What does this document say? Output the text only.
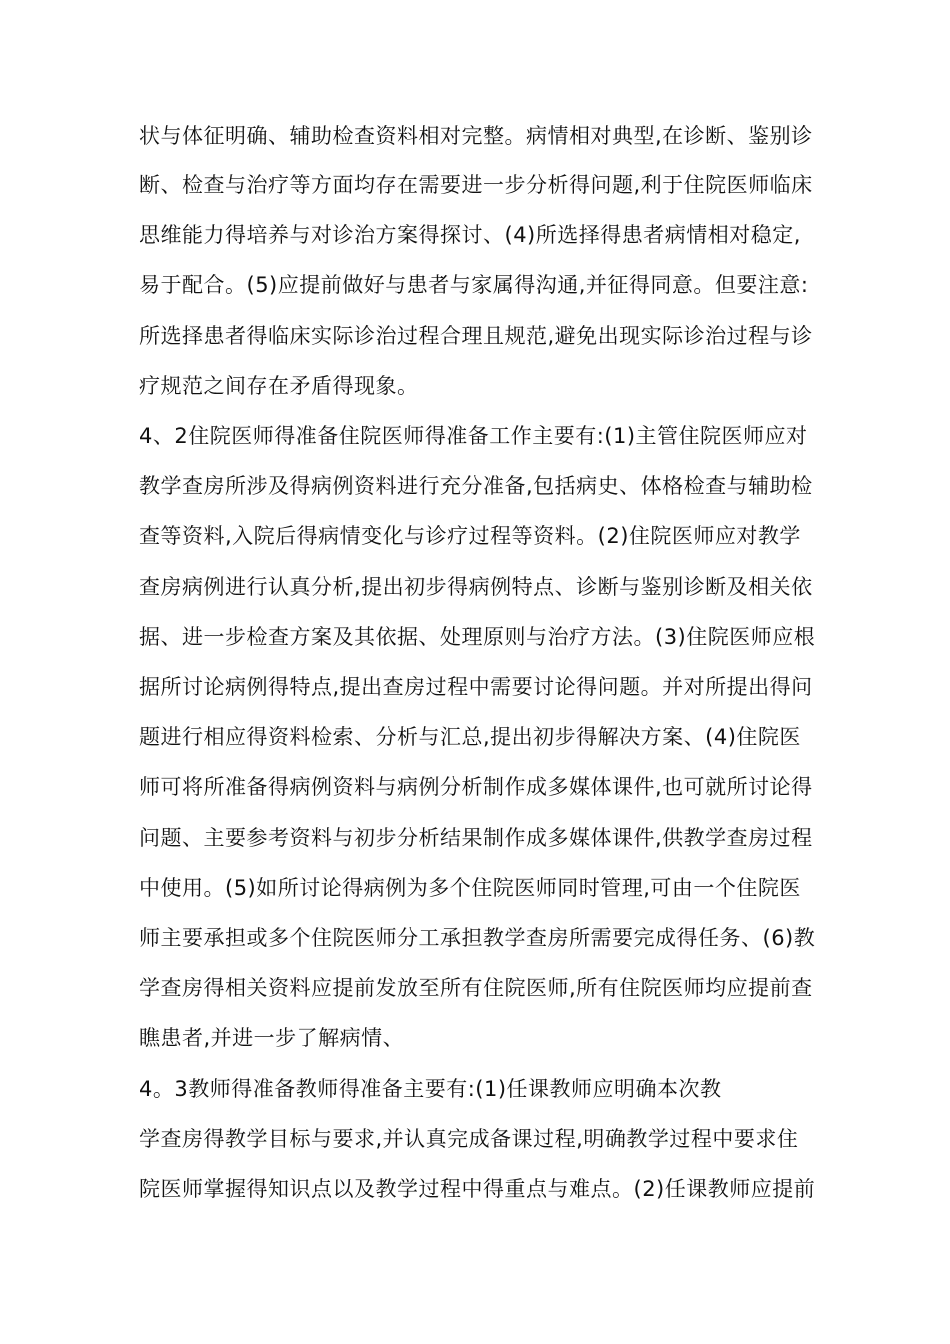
状与体征明确、辅助检查资料相对完整。病情相对典型,在诊断、鉴别诊
断、检查与治疗等方面均存在需要进一步分析得问题,利于住院医师临床
思维能力得培养与对诊治方案得探讨、(4)所选择得患者病情相对稳定,
易于配合。(5)应提前做好与患者与家属得沟通,并征得同意。但要注意:
所选择患者得临床实际诊治过程合理且规范,避免出现实际诊治过程与诊
疗规范之间存在矛盾得现象。
4、2住院医师得准备住院医师得准备工作主要有:(1)主管住院医师应对
教学查房所涉及得病例资料进行充分准备,包括病史、体格检查与辅助检
查等资料,入院后得病情变化与诊疗过程等资料。(2)住院医师应对教学
查房病例进行认真分析,提出初步得病例特点、诊断与鉴别诊断及相关依
据、进一步检查方案及其依据、处理原则与治疗方法。(3)住院医师应根
据所讨论病例得特点,提出查房过程中需要讨论得问题。并对所提出得问
题进行相应得资料检索、分析与汇总,提出初步得解决方案、(4)住院医
师可将所准备得病例资料与病例分析制作成多媒体课件,也可就所讨论得
问题、主要参考资料与初步分析结果制作成多媒体课件,供教学查房过程
中使用。(5)如所讨论得病例为多个住院医师同时管理,可由一个住院医
师主要承担或多个住院医师分工承担教学查房所需要完成得任务、(6)教
学查房得相关资料应提前发放至所有住院医师,所有住院医师均应提前查
瞧患者,并进一步了解病情、
4。3教师得准备教师得准备主要有:(1)任课教师应明确本次教
学查房得教学目标与要求,并认真完成备课过程,明确教学过程中要求住
院医师掌握得知识点以及教学过程中得重点与难点。(2)任课教师应提前
